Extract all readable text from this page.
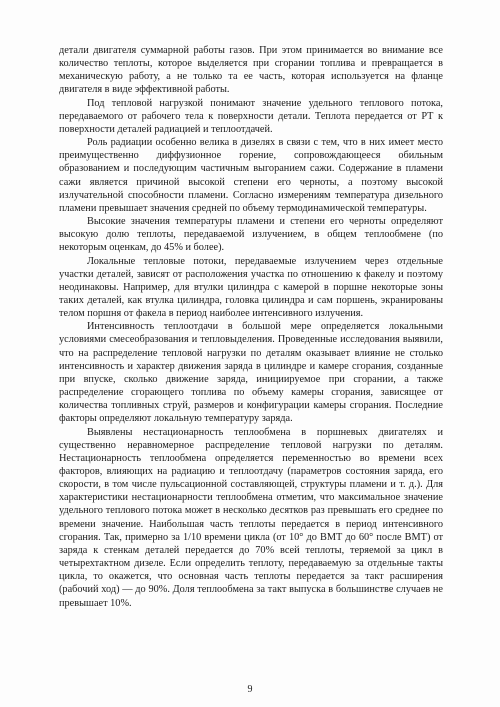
детали двигателя суммарной работы газов. При этом принимается во внимание все количество теплоты, которое выделяется при сгорании топлива и превращается в механическую работу, а не только та ее часть, которая используется на фланце двигателя в виде эффективной работы.

Под тепловой нагрузкой понимают значение удельного теплового потока, передаваемого от рабочего тела к поверхности детали. Теплота передается от РТ к поверхности деталей радиацией и теплоотдачей.

Роль радиации особенно велика в дизелях в связи с тем, что в них имеет место преимущественно диффузионное горение, сопровождающееся обильным образованием и последующим частичным выгоранием сажи. Содержание в пламени сажи является причиной высокой степени его черноты, а поэтому высокой излучательной способности пламени. Согласно измерениям температура дизельного пламени превышает значения средней по объему термодинамической температуры.

Высокие значения температуры пламени и степени его черноты определяют высокую долю теплоты, передаваемой излучением, в общем теплообмене (по некоторым оценкам, до 45% и более).

Локальные тепловые потоки, передаваемые излучением через отдельные участки деталей, зависят от расположения участка по отношению к факелу и поэтому неодинаковы. Например, для втулки цилиндра с камерой в поршне некоторые зоны таких деталей, как втулка цилиндра, головка цилиндра и сам поршень, экранированы телом поршня от факела в период наиболее интенсивного излучения.

Интенсивность теплоотдачи в большой мере определяется локальными условиями смесеобразования и тепловыделения. Проведенные исследования выявили, что на распределение тепловой нагрузки по деталям оказывает влияние не столько интенсивность и характер движения заряда в цилиндре и камере сгорания, созданные при впуске, сколько движение заряда, инициируемое при сгорании, а также распределение сгорающего топлива по объему камеры сгорания, зависящее от количества топливных струй, размеров и конфигурации камеры сгорания. Последние факторы определяют локальную температуру заряда.

Выявлены нестационарность теплообмена в поршневых двигателях и существенно неравномерное распределение тепловой нагрузки по деталям. Нестационарность теплообмена определяется переменностью во времени всех факторов, влияющих на радиацию и теплоотдачу (параметров состояния заряда, его скорости, в том числе пульсационной составляющей, структуры пламени и т. д.). Для характеристики нестационарности теплообмена отметим, что максимальное значение удельного теплового потока может в несколько десятков раз превышать его среднее по времени значение. Наибольшая часть теплоты передается в период интенсивного сгорания. Так, примерно за 1/10 времени цикла (от 10° до ВМТ до 60° после ВМТ) от заряда к стенкам деталей передается до 70% всей теплоты, теряемой за цикл в четырехтактном дизеле. Если определить теплоту, передаваемую за отдельные такты цикла, то окажется, что основная часть теплоты передается за такт расширения (рабочий ход) — до 90%. Доля теплообмена за такт выпуска в большинстве случаев не превышает 10%.

9
